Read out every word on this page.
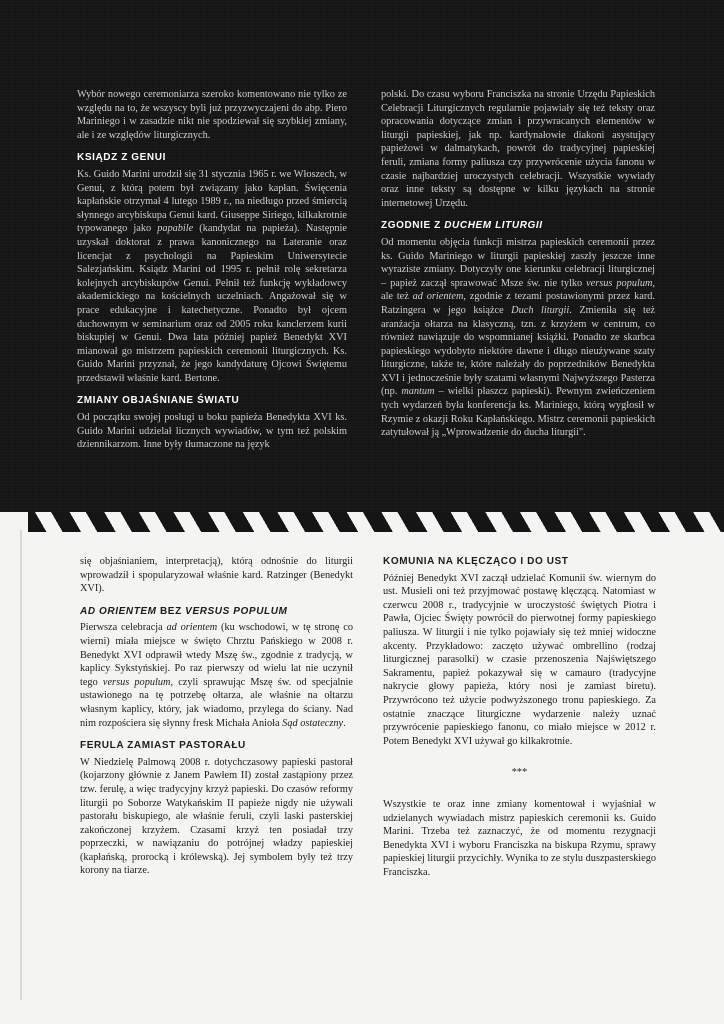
Wybór nowego ceremoniarza szeroko komentowano nie tylko ze względu na to, że wszyscy byli już przyzwyczajeni do abp. Piero Mariniego i w zasadzie nikt nie spodziewał się szybkiej zmiany, ale i ze względów liturgicznych.

KSIĄDZ Z GENUI

Ks. Guido Marini urodził się 31 stycznia 1965 r. we Włoszech, w Genui, z którą potem był związany jako kapłan. Święcenia kapłańskie otrzymał 4 lutego 1989 r., na niedługo przed śmiercią słynnego arcybiskupa Genui kard. Giuseppe Siriego, kilkakrotnie typowanego jako papabile (kandydat na papieża). Następnie uzyskał doktorat z prawa kanonicznego na Lateranie oraz licencjat z psychologii na Papieskim Uniwersytecie Salezjańskim. Ksiądz Marini od 1995 r. pełnił rolę sekretarza kolejnych arcybiskupów Genui. Pełnił też funkcję wykładowcy akademickiego na kościelnych uczelniach. Angażował się w prace edukacyjne i katechetyczne. Ponadto był ojcem duchownym w seminarium oraz od 2005 roku kanclerzem kurii biskupiej w Genui. Dwa lata później papież Benedykt XVI mianował go mistrzem papieskich ceremonii liturgicznych. Ks. Guido Marini przyznał, że jego kandydaturę Ojcowi Świętemu przedstawił właśnie kard. Bertone.

ZMIANY OBJAŚNIANE ŚWIATU

Od początku swojej posługi u boku papieża Benedykta XVI ks. Guido Marini udzielał licznych wywiadów, w tym też polskim dziennikarzom. Inne były tłumaczone na język

polski. Do czasu wyboru Franciszka na stronie Urzędu Papieskich Celebracji Liturgicznych regularnie pojawiały się też teksty oraz opracowania dotyczące zmian i przywracanych elementów w liturgii papieskiej, jak np. kardynałowie diakoni asystujący papieżowi w dalmatykach, powrót do tradycyjnej papieskiej feruli, zmiana formy paliusza czy przywrócenie użycia fanonu w czasie najbardziej uroczystych celebracji. Wszystkie wywiady oraz inne teksty są dostępne w kilku językach na stronie internetowej Urzędu.

ZGODNIE Z DUCHEM LITURGII

Od momentu objęcia funkcji mistrza papieskich ceremonii przez ks. Guido Mariniego w liturgii papieskiej zaszły jeszcze inne wyraziste zmiany. Dotyczyły one kierunku celebracji liturgicznej – papież zaczął sprawować Msze św. nie tylko versus populum, ale też ad orientem, zgodnie z tezami postawionymi przez kard. Ratzingera w jego książce Duch liturgii. Zmieniła się też aranżacja ołtarza na klasyczną, tzn. z krzyżem w centrum, co również nawiązuje do wspomnianej książki. Ponadto ze skarbca papieskiego wydobyto niektóre dawne i długo nieużywane szaty liturgiczne, także te, które należały do poprzedników Benedykta XVI i jednocześnie były szatami własnymi Najwyższego Pasterza (np. mantum – wielki płaszcz papieski). Pewnym zwieńczeniem tych wydarzeń była konferencja ks. Mariniego, którą wygłosił w Rzymie z okazji Roku Kapłańskiego. Mistrz ceremonii papieskich zatytułował ją „Wprowadzenie do ducha liturgii".

się objaśnianiem, interpretacją), którą odnośnie do liturgii wprowadził i spopularyzował właśnie kard. Ratzinger (Benedykt XVI).

AD ORIENTEM BEZ VERSUS POPULUM

Pierwsza celebracja ad orientem (ku wschodowi, w tę stronę co wierni) miała miejsce w święto Chrztu Pańskiego w 2008 r. Benedykt XVI odprawił wtedy Mszę św., zgodnie z tradycją, w kaplicy Sykstyńskiej. Po raz pierwszy od wielu lat nie uczynił tego versus populum, czyli sprawując Mszę św. od specjalnie ustawionego na tę potrzebę ołtarza, ale właśnie na ołtarzu własnym kaplicy, który, jak wiadomo, przylega do ściany. Nad nim rozpościera się słynny fresk Michała Anioła Sąd ostateczny.

FERULA ZAMIAST PASTORAŁU

W Niedzielę Palmową 2008 r. dotychczasowy papieski pastorał (kojarzony głównie z Janem Pawłem II) został zastąpiony przez tzw. ferulę, a więc tradycyjny krzyż papieski. Do czasów reformy liturgii po Soborze Watykańskim II papieże nigdy nie używali pastorału biskupiego, ale właśnie feruli, czyli laski pasterskiej zakończonej krzyżem. Czasami krzyż ten posiadał trzy poprzeczki, w nawiązaniu do potrójnej władzy papieskiej (kapłańską, prorocką i królewską). Jej symbolem były też trzy korony na tiarze.

KOMUNIA NA KLĘCZĄCO I DO UST

Później Benedykt XVI zaczął udzielać Komunii św. wiernym do ust. Musieli oni też przyjmować postawę klęczącą. Natomiast w czerwcu 2008 r., tradycyjnie w uroczystość świętych Piotra i Pawła, Ojciec Święty powrócił do pierwotnej formy papieskiego paliusza. W liturgii i nie tylko pojawiały się też mniej widoczne akcenty. Przykładowo: zaczęto używać ombrellino (rodzaj liturgicznej parasolki) w czasie przenoszenia Najświętszego Sakramentu, papież pokazywał się w camauro (tradycyjne nakrycie głowy papieża, który nosi je zamiast biretu). Przywrócono też użycie podwyższonego tronu papieskiego. Za ostatnie znaczące liturgiczne wydarzenie należy uznać przywrócenie papieskiego fanonu, co miało miejsce w 2012 r. Potem Benedykt XVI używał go kilkakrotnie.

***

Wszystkie te oraz inne zmiany komentował i wyjaśniał w udzielanych wywiadach mistrz papieskich ceremonii ks. Guido Marini. Trzeba też zaznaczyć, że od momentu rezygnacji Benedykta XVI i wyboru Franciszka na biskupa Rzymu, sprawy papieskiej liturgii przycichły. Wynika to ze stylu duszpasterskiego Franciszka.
